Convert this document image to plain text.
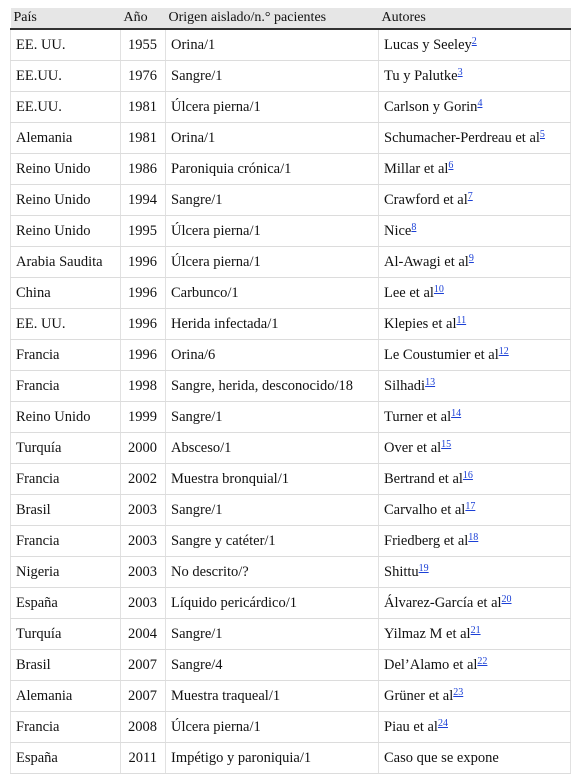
País	Año	Origen aislado/n.° pacientes	Autores
EE. UU.	1955	Orina/1	Lucas y Seeley$^2$
EE.UU.	1976	Sangre/1	Tu y Palutke$^3$
EE.UU.	1981	Úlcera pierna/1	Carlson y Gorin$^4$
Alemania	1981	Orina/1	Schumacher-Perdreau et al$^5$
Reino Unido	1986	Paroniquia crónica/1	Millar et al$^6$
Reino Unido	1994	Sangre/1	Crawford et al$^7$
Reino Unido	1995	Úlcera pierna/1	Nice$^8$
Arabia Saudita	1996	Úlcera pierna/1	Al-Awagi et al$^9$
China	1996	Carbunco/1	Lee et al$^{10}$
EE. UU.	1996	Herida infectada/1	Klepies et al$^{11}$
Francia	1996	Orina/6	Le Coustumier et al$^{12}$
Francia	1998	Sangre, herida, desconocido/18	Silhadi$^{13}$
Reino Unido	1999	Sangre/1	Turner et al$^{14}$
Turquía	2000	Absceso/1	Over et al$^{15}$
Francia	2002	Muestra bronquial/1	Bertrand et al$^{16}$
Brasil	2003	Sangre/1	Carvalho et al$^{17}$
Francia	2003	Sangre y catéter/1	Friedberg et al$^{18}$
Nigeria	2003	No descrito/?	Shittu$^{19}$
España	2003	Líquido pericárdico/1	Álvarez-García et al$^{20}$
Turquía	2004	Sangre/1	Yilmaz M et al$^{21}$
Brasil	2007	Sangre/4	Del’Alamo et al$^{22}$
Alemania	2007	Muestra traqueal/1	Grüner et al$^{23}$
Francia	2008	Úlcera pierna/1	Piau et al$^{24}$
España	2011	Impétigo y paroniquia/1	Caso que se expone
